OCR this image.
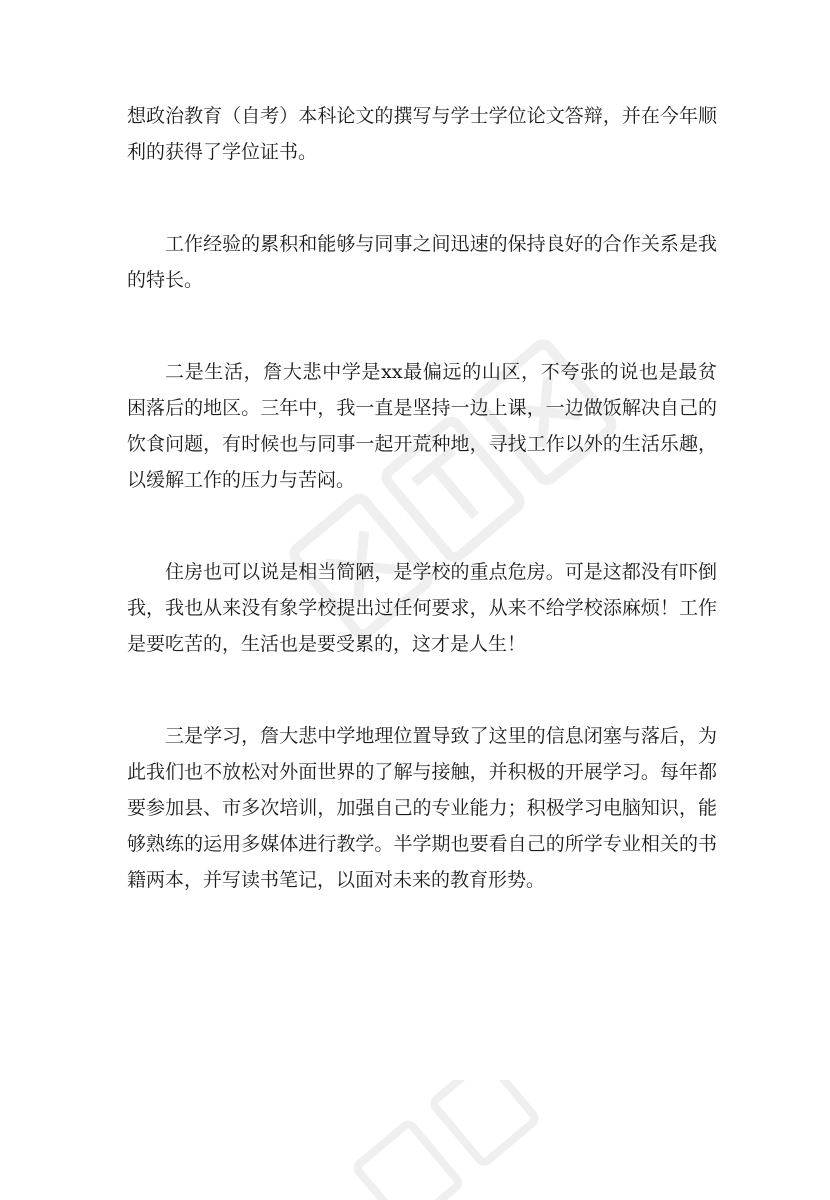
想政治教育（自考）本科论文的撰写与学士学位论文答辩，并在今年顺利的获得了学位证书。

工作经验的累积和能够与同事之间迅速的保持良好的合作关系是我的特长。

二是生活，詹大悲中学是xx最偏远的山区，不夸张的说也是最贫困落后的地区。三年中，我一直是坚持一边上课，一边做饭解决自己的饮食问题，有时候也与同事一起开荒种地，寻找工作以外的生活乐趣，以缓解工作的压力与苦闷。

住房也可以说是相当简陋，是学校的重点危房。可是这都没有吓倒我，我也从来没有象学校提出过任何要求，从来不给学校添麻烦！工作是要吃苦的，生活也是要受累的，这才是人生！

三是学习，詹大悲中学地理位置导致了这里的信息闭塞与落后，为此我们也不放松对外面世界的了解与接触，并积极的开展学习。每年都要参加县、市多次培训，加强自己的专业能力；积极学习电脑知识，能够熟练的运用多媒体进行教学。半学期也要看自己的所学专业相关的书籍两本，并写读书笔记，以面对未来的教育形势。
